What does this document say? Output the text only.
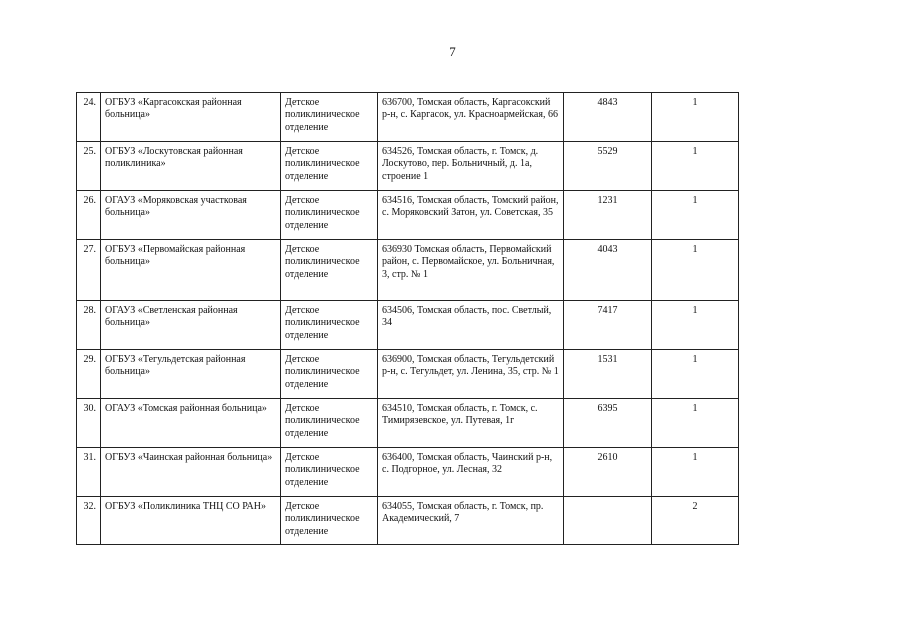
7
24.	ОГБУЗ «Каргасокская районная больница»	Детское поликлиническое отделение	636700, Томская область, Каргасокский р-н, с. Каргасок, ул. Красноармейская, 66	4843	1
25.	ОГБУЗ «Лоскутовская районная поликлиника»	Детское поликлиническое отделение	634526, Томская область, г. Томск, д. Лоскутово, пер. Больничный, д. 1а, строение 1	5529	1
26.	ОГАУЗ «Моряковская участковая больница»	Детское поликлиническое отделение	634516, Томская область, Томский район, с. Моряковский Затон, ул. Советская, 35	1231	1
27.	ОГБУЗ «Первомайская районная больница»	Детское поликлиническое отделение	636930 Томская область, Первомайский район, с. Первомайское, ул. Больничная, 3, стр. № 1	4043	1
28.	ОГАУЗ «Светленская районная больница»	Детское поликлиническое отделение	634506, Томская область, пос. Светлый, 34	7417	1
29.	ОГБУЗ «Тегульдетская районная больница»	Детское поликлиническое отделение	636900, Томская область, Тегульдетский р-н, с. Тегульдет, ул. Ленина, 35, стр. № 1	1531	1
30.	ОГАУЗ «Томская районная больница»	Детское поликлиническое отделение	634510, Томская область, г. Томск, с. Тимирязевское, ул. Путевая, 1г	6395	1
31.	ОГБУЗ «Чаинская районная больница»	Детское поликлиническое отделение	636400, Томская область, Чаинский р-н, с. Подгорное, ул. Лесная, 32	2610	1
32.	ОГБУЗ «Поликлиника ТНЦ СО РАН»	Детское поликлиническое отделение	634055, Томская область, г. Томск, пр. Академический, 7		2
